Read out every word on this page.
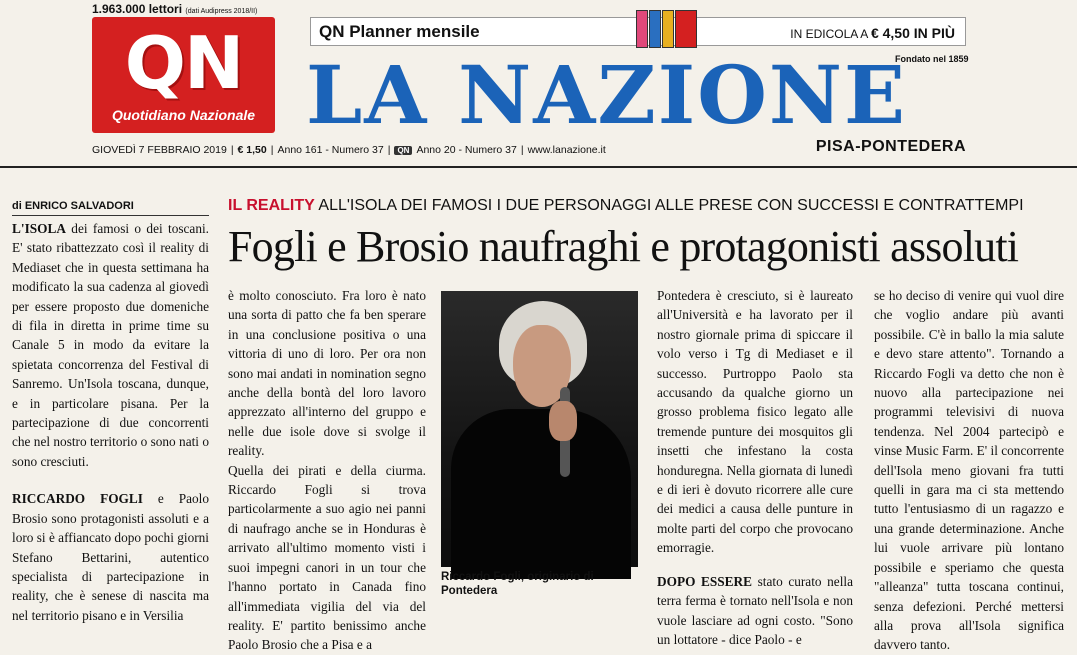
1.963.000 lettori (dati Audipress 2018/II)
QN
Quotidiano Nazionale
QN Planner mensile	IN EDICOLA A € 4,50 IN PIÙ
Fondato nel 1859
LA NAZIONE
GIOVEDÌ 7 FEBBRAIO 2019 | € 1,50 | Anno 161 - Numero 37 | QN Anno 20 - Numero 37 | www.lanazione.it	PISA-PONTEDERA
di ENRICO SALVADORI	IL REALITY ALL'ISOLA DEI FAMOSI I DUE PERSONAGGI ALLE PRESE CON SUCCESSI E CONTRATTEMPI
Fogli e Brosio naufraghi e protagonisti assoluti

L'ISOLA dei famosi o dei toscani. E' stato ribattezzato così il reality di Mediaset che in questa settimana ha modificato la sua cadenza al giovedì per essere proposto due domeniche di fila in diretta in prime time su Canale 5 in modo da evitare la spietata concorrenza del Festival di Sanremo. Un'Isola toscana, dunque, e in particolare pisana. Per la partecipazione di due concorrenti che nel nostro territorio o sono nati o sono cresciuti.

RICCARDO FOGLI e Paolo Brosio sono protagonisti assoluti e a loro si è affiancato dopo pochi giorni Stefano Bettarini, autentico specialista di partecipazione in reality, che è senese di nascita ma nel territorio pisano e in Versilia

è molto conosciuto. Fra loro è nato una sorta di patto che fa ben sperare in una conclusione positiva o una vittoria di uno di loro. Per ora non sono mai andati in nomination segno anche della bontà del loro lavoro apprezzato all'interno del gruppo e nelle due isole dove si svolge il reality.

Quella dei pirati e della ciurma. Riccardo Fogli si trova particolarmente a suo agio nei panni di naufrago anche se in Honduras è arrivato all'ultimo momento visti i suoi impegni canori in un tour che l'hanno portato in Canada fino all'immediata vigilia del via del reality. E' partito benissimo anche Paolo Brosio che a Pisa e a

Riccardo Fogli, originario di Pontedera

Pontedera è cresciuto, si è laureato all'Università e ha lavorato per il nostro giornale prima di spiccare il volo verso i Tg di Mediaset e il successo. Purtroppo Paolo sta accusando da qualche giorno un grosso problema fisico legato alle tremende punture dei mosquitos gli insetti che infestano la costa honduregna. Nella giornata di lunedì e di ieri è dovuto ricorrere alle cure dei medici a causa delle punture in molte parti del corpo che provocano emorragie.

DOPO ESSERE stato curato nella terra ferma è tornato nell'Isola e non vuole lasciare ad ogni costo. "Sono un lottatore - dice Paolo - e

se ho deciso di venire qui vuol dire che voglio andare più avanti possibile. C'è in ballo la mia salute e devo stare attento". Tornando a Riccardo Fogli va detto che non è nuovo alla partecipazione nei programmi televisivi di nuova tendenza. Nel 2004 partecipò e vinse Music Farm. E' il concorrente dell'Isola meno giovani fra tutti quelli in gara ma ci sta mettendo tutto l'entusiasmo di un ragazzo e una grande determinazione. Anche lui vuole arrivare più lontano possibile e speriamo che questa "alleanza" tutta toscana continui, senza defezioni. Perché mettersi alla prova all'Isola significa davvero tanto.
